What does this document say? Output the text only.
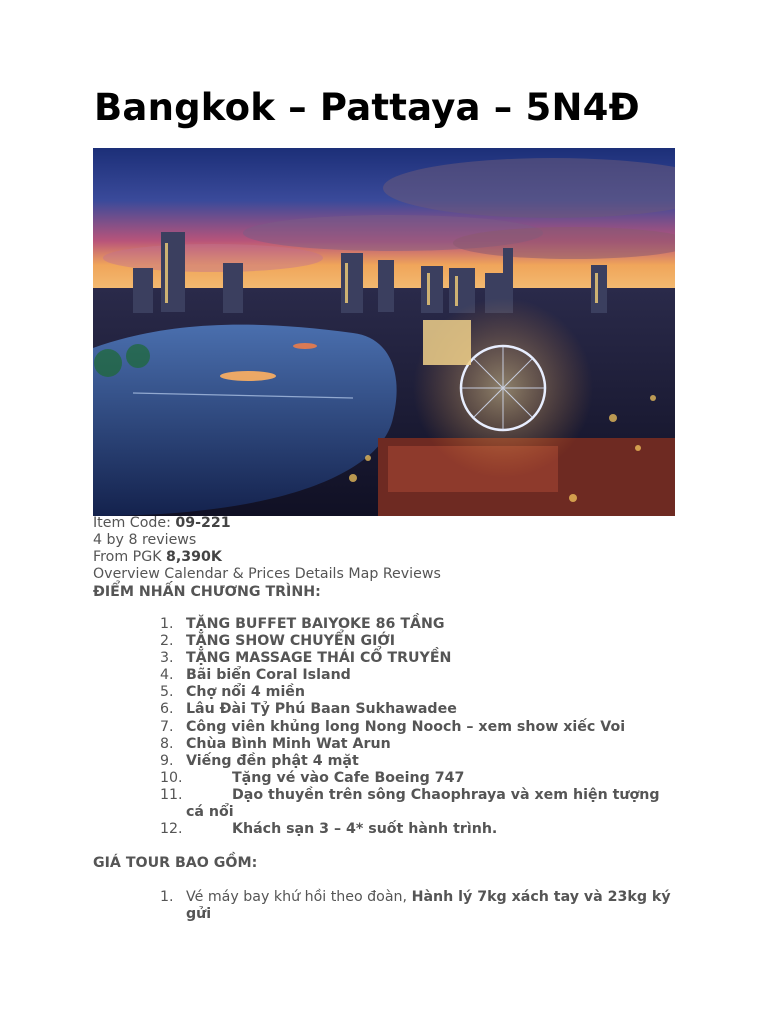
Bangkok – Pattaya – 5N4Đ
Item Code: 09-221
4 by 8 reviews
From PGK 8,390K
Overview Calendar & Prices Details Map Reviews
ĐIỂM NHẤN CHƯƠNG TRÌNH:
1. TẶNG BUFFET BAIYOKE 86 TẦNG
2. TẶNG SHOW CHUYỂN GIỚI
3. TẶNG MASSAGE THÁI CỔ TRUYỀN
4. Bãi biển Coral Island
5. Chợ nổi 4 miền
6. Lâu Đài Tỷ Phú Baan Sukhawadee
7. Công viên khủng long Nong Nooch – xem show xiếc Voi
8. Chùa Bình Minh Wat Arun
9. Viếng đền phật 4 mặt
10.	Tặng vé vào Cafe Boeing 747
11.	Dạo thuyền trên sông Chaophraya và xem hiện tượng cá nổi
12.	Khách sạn 3 – 4* suốt hành trình.
GIÁ TOUR BAO GỒM:
1. Vé máy bay khứ hồi theo đoàn, Hành lý 7kg xách tay và 23kg ký gửi
